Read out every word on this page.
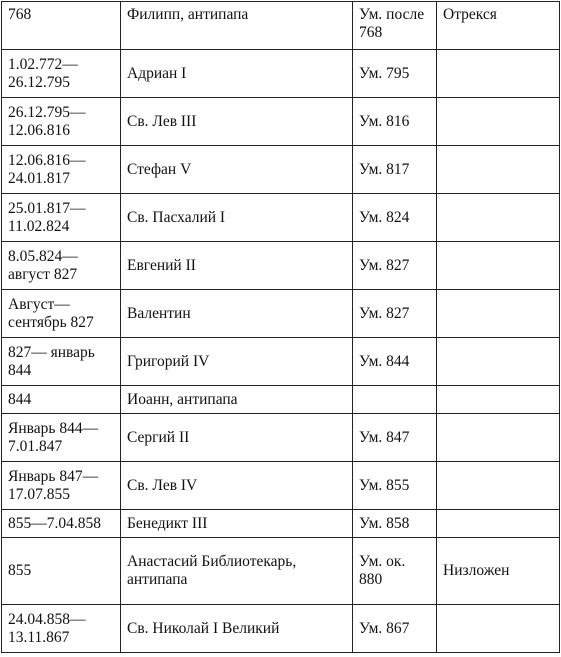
768	Филипп, антипапа	Ум. после 768	Отрекся
1.02.772—26.12.795	Адриан I	Ум. 795	
26.12.795—12.06.816	Св. Лев III	Ум. 816	
12.06.816—24.01.817	Стефан V	Ум. 817	
25.01.817—11.02.824	Св. Пасхалий I	Ум. 824	
8.05.824— август 827	Евгений II	Ум. 827	
Август—сентябрь 827	Валентин	Ум. 827	
827— январь 844	Григорий IV	Ум. 844	
844	Иоанн, антипапа		
Январь 844—7.01.847	Сергий II	Ум. 847	
Январь 847—17.07.855	Св. Лев IV	Ум. 855	
855—7.04.858	Бенедикт III	Ум. 858	
855	Анастасий Библиотекарь, антипапа	Ум. ок. 880	Низложен
24.04.858—13.11.867	Св. Николай I Великий	Ум. 867	
